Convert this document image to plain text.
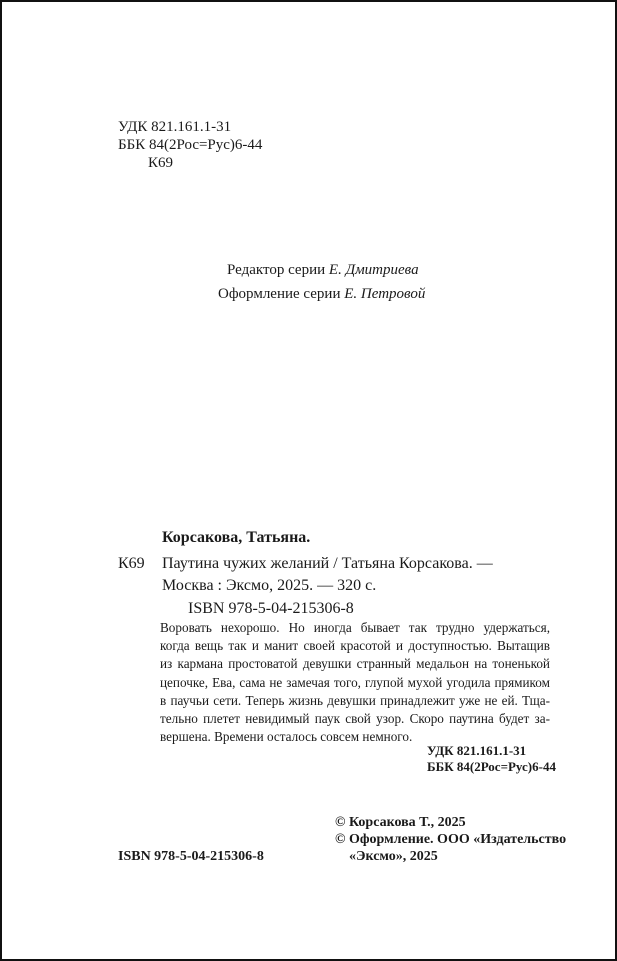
УДК 821.161.1-31
ББК 84(2Рос=Рус)6-44
К69
Редактор серии Е. Дмитриева
Оформление серии Е. Петровой
Корсакова, Татьяна.
К69 Паутина чужих желаний / Татьяна Корсакова. —
Москва : Эксмо, 2025. — 320 с.
ISBN 978-5-04-215306-8
Воровать нехорошо. Но иногда бывает так трудно удержаться,
когда вещь так и манит своей красотой и доступностью. Вытащив
из кармана простоватой девушки странный медальон на тоненькой
цепочке, Ева, сама не замечая того, глупой мухой угодила прямиком
в паучьи сети. Теперь жизнь девушки принадлежит уже не ей. Тща-
тельно плетет невидимый паук свой узор. Скоро паутина будет за-
вершена. Времени осталось совсем немного.
УДК 821.161.1-31
ББК 84(2Рос=Рус)6-44
© Корсакова Т., 2025
© Оформление. ООО «Издательство
«Эксмо», 2025
ISBN 978-5-04-215306-8
